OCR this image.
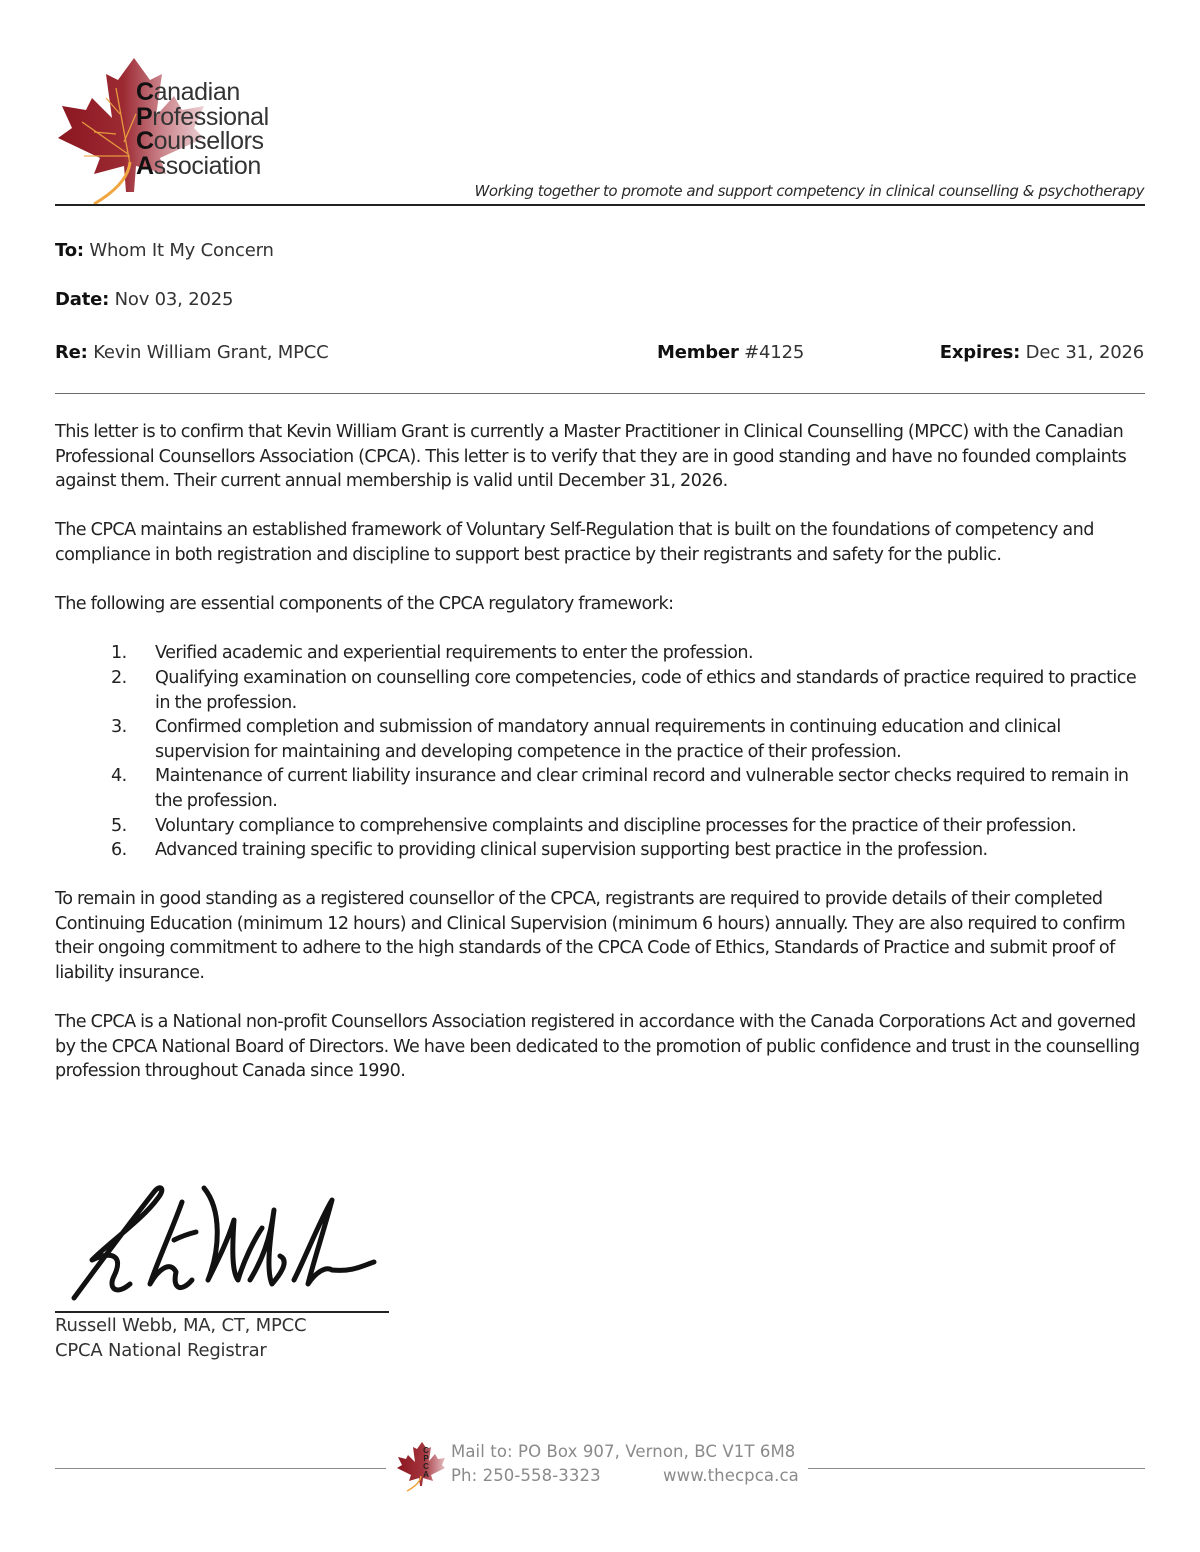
Canadian
Professional
Counsellors
Association
Working together to promote and support competency in clinical counselling & psychotherapy
To: Whom It My Concern
Date: Nov 03, 2025
Re: Kevin William Grant, MPCC	Member #4125	Expires: Dec 31, 2026

This letter is to confirm that Kevin William Grant is currently a Master Practitioner in Clinical Counselling (MPCC) with the Canadian Professional Counsellors Association (CPCA). This letter is to verify that they are in good standing and have no founded complaints against them. Their current annual membership is valid until December 31, 2026.

The CPCA maintains an established framework of Voluntary Self-Regulation that is built on the foundations of competency and compliance in both registration and discipline to support best practice by their registrants and safety for the public.

The following are essential components of the CPCA regulatory framework:

1. Verified academic and experiential requirements to enter the profession.
2. Qualifying examination on counselling core competencies, code of ethics and standards of practice required to practice in the profession.
3. Confirmed completion and submission of mandatory annual requirements in continuing education and clinical supervision for maintaining and developing competence in the practice of their profession.
4. Maintenance of current liability insurance and clear criminal record and vulnerable sector checks required to remain in the profession.
5. Voluntary compliance to comprehensive complaints and discipline processes for the practice of their profession.
6. Advanced training specific to providing clinical supervision supporting best practice in the profession.

To remain in good standing as a registered counsellor of the CPCA, registrants are required to provide details of their completed Continuing Education (minimum 12 hours) and Clinical Supervision (minimum 6 hours) annually. They are also required to confirm their ongoing commitment to adhere to the high standards of the CPCA Code of Ethics, Standards of Practice and submit proof of liability insurance.

The CPCA is a National non-profit Counsellors Association registered in accordance with the Canada Corporations Act and governed by the CPCA National Board of Directors. We have been dedicated to the promotion of public confidence and trust in the counselling profession throughout Canada since 1990.

Russell Webb, MA, CT, MPCC
CPCA National Registrar
C
P
C
A
Mail to: PO Box 907, Vernon, BC V1T 6M8
Ph: 250-558-3323	www.thecpca.ca
